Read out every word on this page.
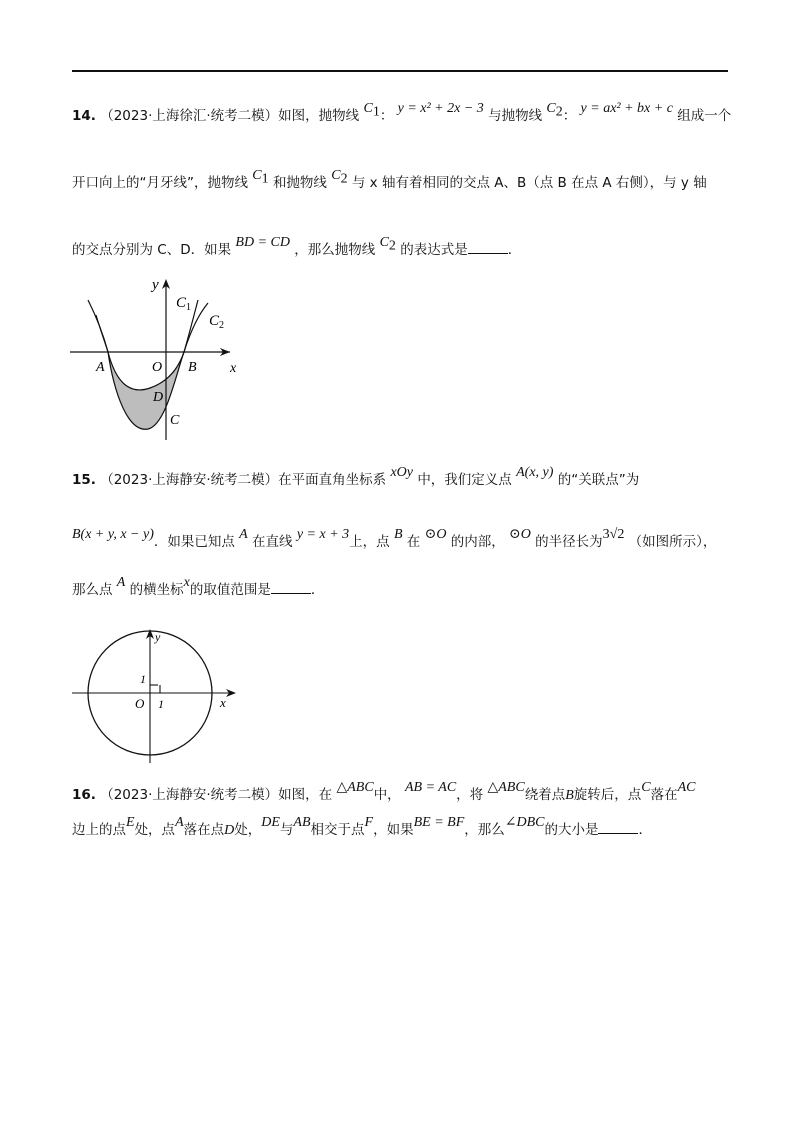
14. （2023·上海徐汇·统考二模）如图，抛物线 $C_1$： y = x² + 2x − 3 与抛物线 $C_2$： y = ax² + bx + c 组成一个
开口向上的“月牙线”，抛物线 $C_1$ 和抛物线 $C_2$ 与 x 轴有着相同的交点 A、B（点 B 在点 A 右侧），与 y 轴
的交点分别为 C、D．如果 BD = CD ，那么抛物线 $C_2$ 的表达式是	．
y
$C_1$
$C_2$
A	O B x
D
C
15. （2023·上海静安·统考二模）在平面直角坐标系 xOy 中，我们定义点 A(x, y) 的“关联点”为
B(x + y, x − y)．如果已知点 A 在直线 y = x + 3上，点 B 在 ⊙O 的内部， ⊙O 的半径长为3√2 （如图所示），
那么点 A 的横坐标x的取值范围是	．
y
1
O 1	x
16. （2023·上海静安·统考二模）如图，在 △ABC中， AB = AC，将 △ABC绕着点B旋转后，点C落在AC
边上的点E处，点A落在点D处，DE与AB相交于点F，如果BE = BF，那么∠DBC的大小是	．
